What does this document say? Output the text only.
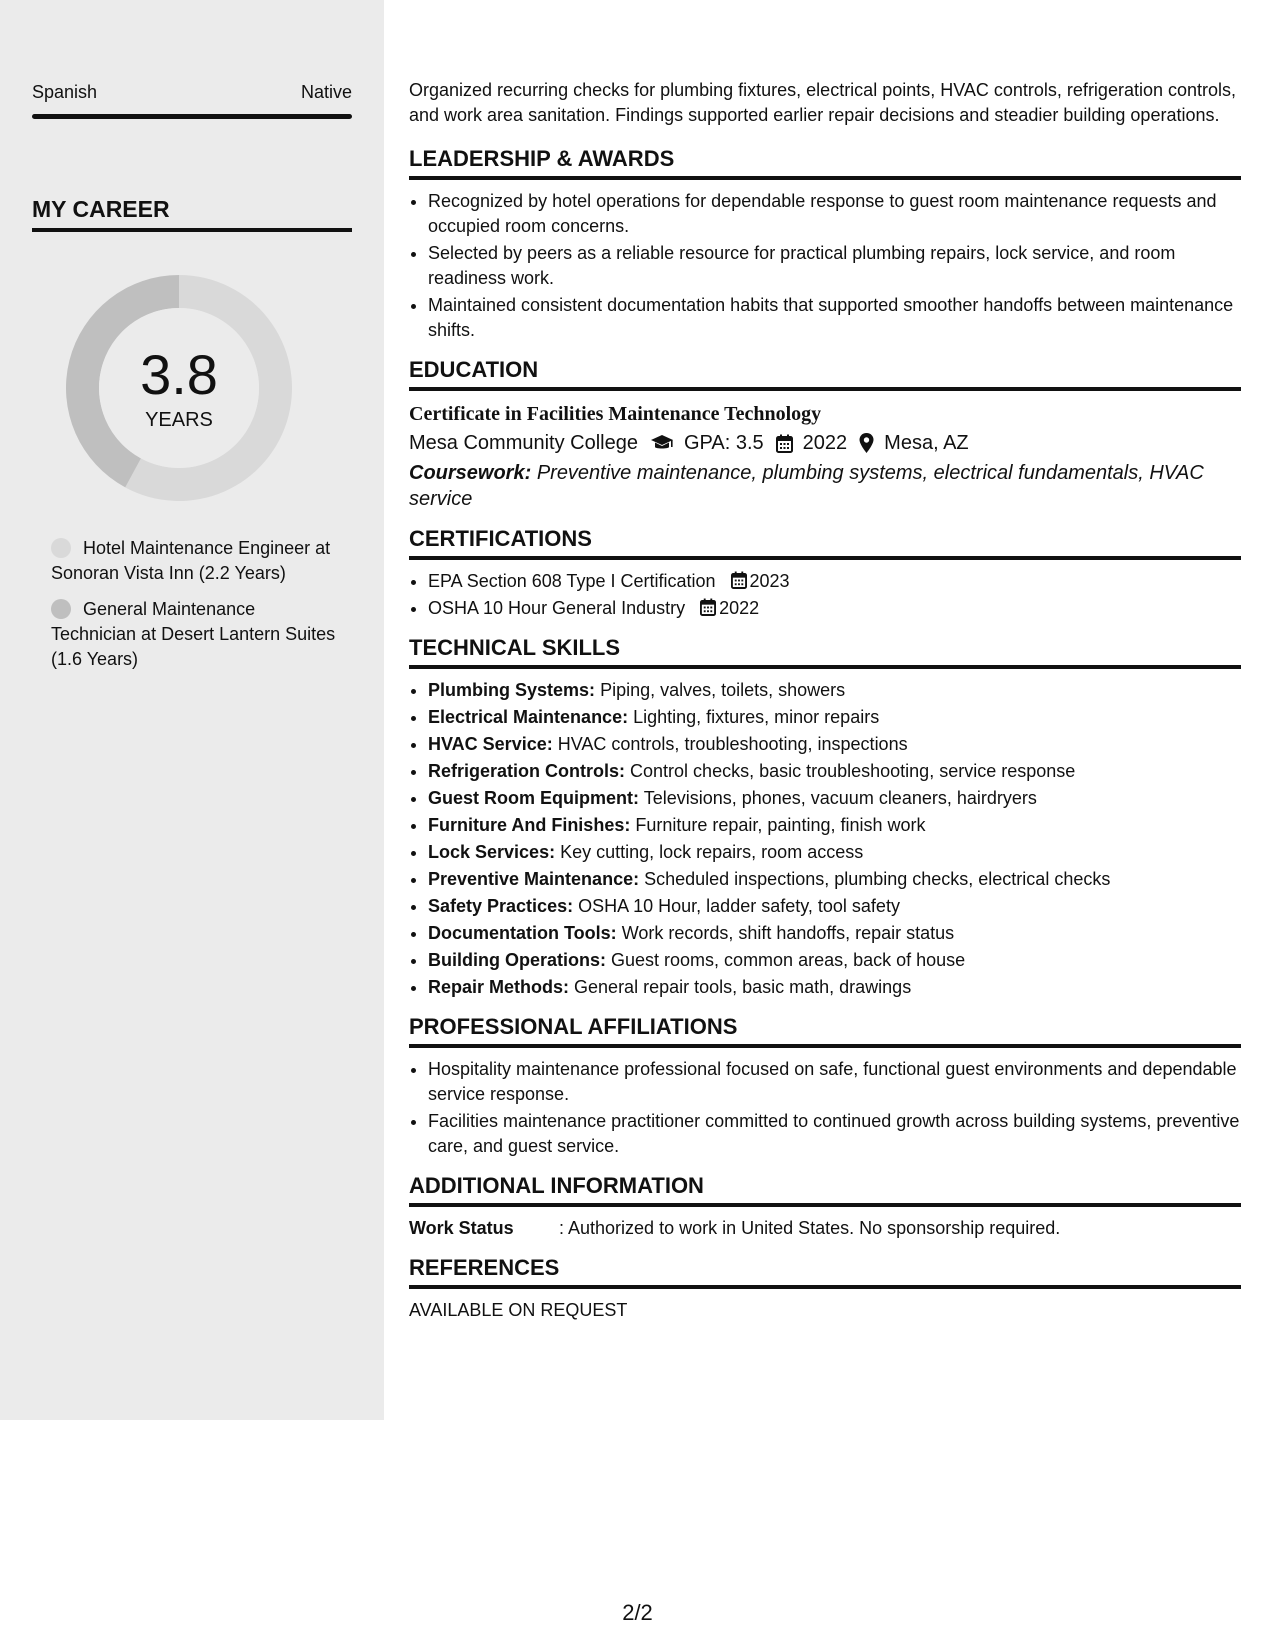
Spanish	Native
MY CAREER
3.8
YEARS
Hotel Maintenance Engineer at Sonoran Vista Inn (2.2 Years)
General Maintenance Technician at Desert Lantern Suites (1.6 Years)

Organized recurring checks for plumbing fixtures, electrical points, HVAC controls, refrigeration controls, and work area sanitation. Findings supported earlier repair decisions and steadier building operations.

LEADERSHIP & AWARDS
• Recognized by hotel operations for dependable response to guest room maintenance requests and occupied room concerns.
• Selected by peers as a reliable resource for practical plumbing repairs, lock service, and room readiness work.
• Maintained consistent documentation habits that supported smoother handoffs between maintenance shifts.
EDUCATION
Certificate in Facilities Maintenance Technology
Mesa Community College GPA: 3.5 2022 Mesa, AZ
Coursework: Preventive maintenance, plumbing systems, electrical fundamentals, HVAC service
CERTIFICATIONS
• EPA Section 608 Type I Certification 2023
• OSHA 10 Hour General Industry 2022
TECHNICAL SKILLS
• Plumbing Systems: Piping, valves, toilets, showers
• Electrical Maintenance: Lighting, fixtures, minor repairs
• HVAC Service: HVAC controls, troubleshooting, inspections
• Refrigeration Controls: Control checks, basic troubleshooting, service response
• Guest Room Equipment: Televisions, phones, vacuum cleaners, hairdryers
• Furniture And Finishes: Furniture repair, painting, finish work
• Lock Services: Key cutting, lock repairs, room access
• Preventive Maintenance: Scheduled inspections, plumbing checks, electrical checks
• Safety Practices: OSHA 10 Hour, ladder safety, tool safety
• Documentation Tools: Work records, shift handoffs, repair status
• Building Operations: Guest rooms, common areas, back of house
• Repair Methods: General repair tools, basic math, drawings
PROFESSIONAL AFFILIATIONS
• Hospitality maintenance professional focused on safe, functional guest environments and dependable service response.
• Facilities maintenance practitioner committed to continued growth across building systems, preventive care, and guest service.
ADDITIONAL INFORMATION
Work Status	: Authorized to work in United States. No sponsorship required.
REFERENCES
AVAILABLE ON REQUEST
2/2
